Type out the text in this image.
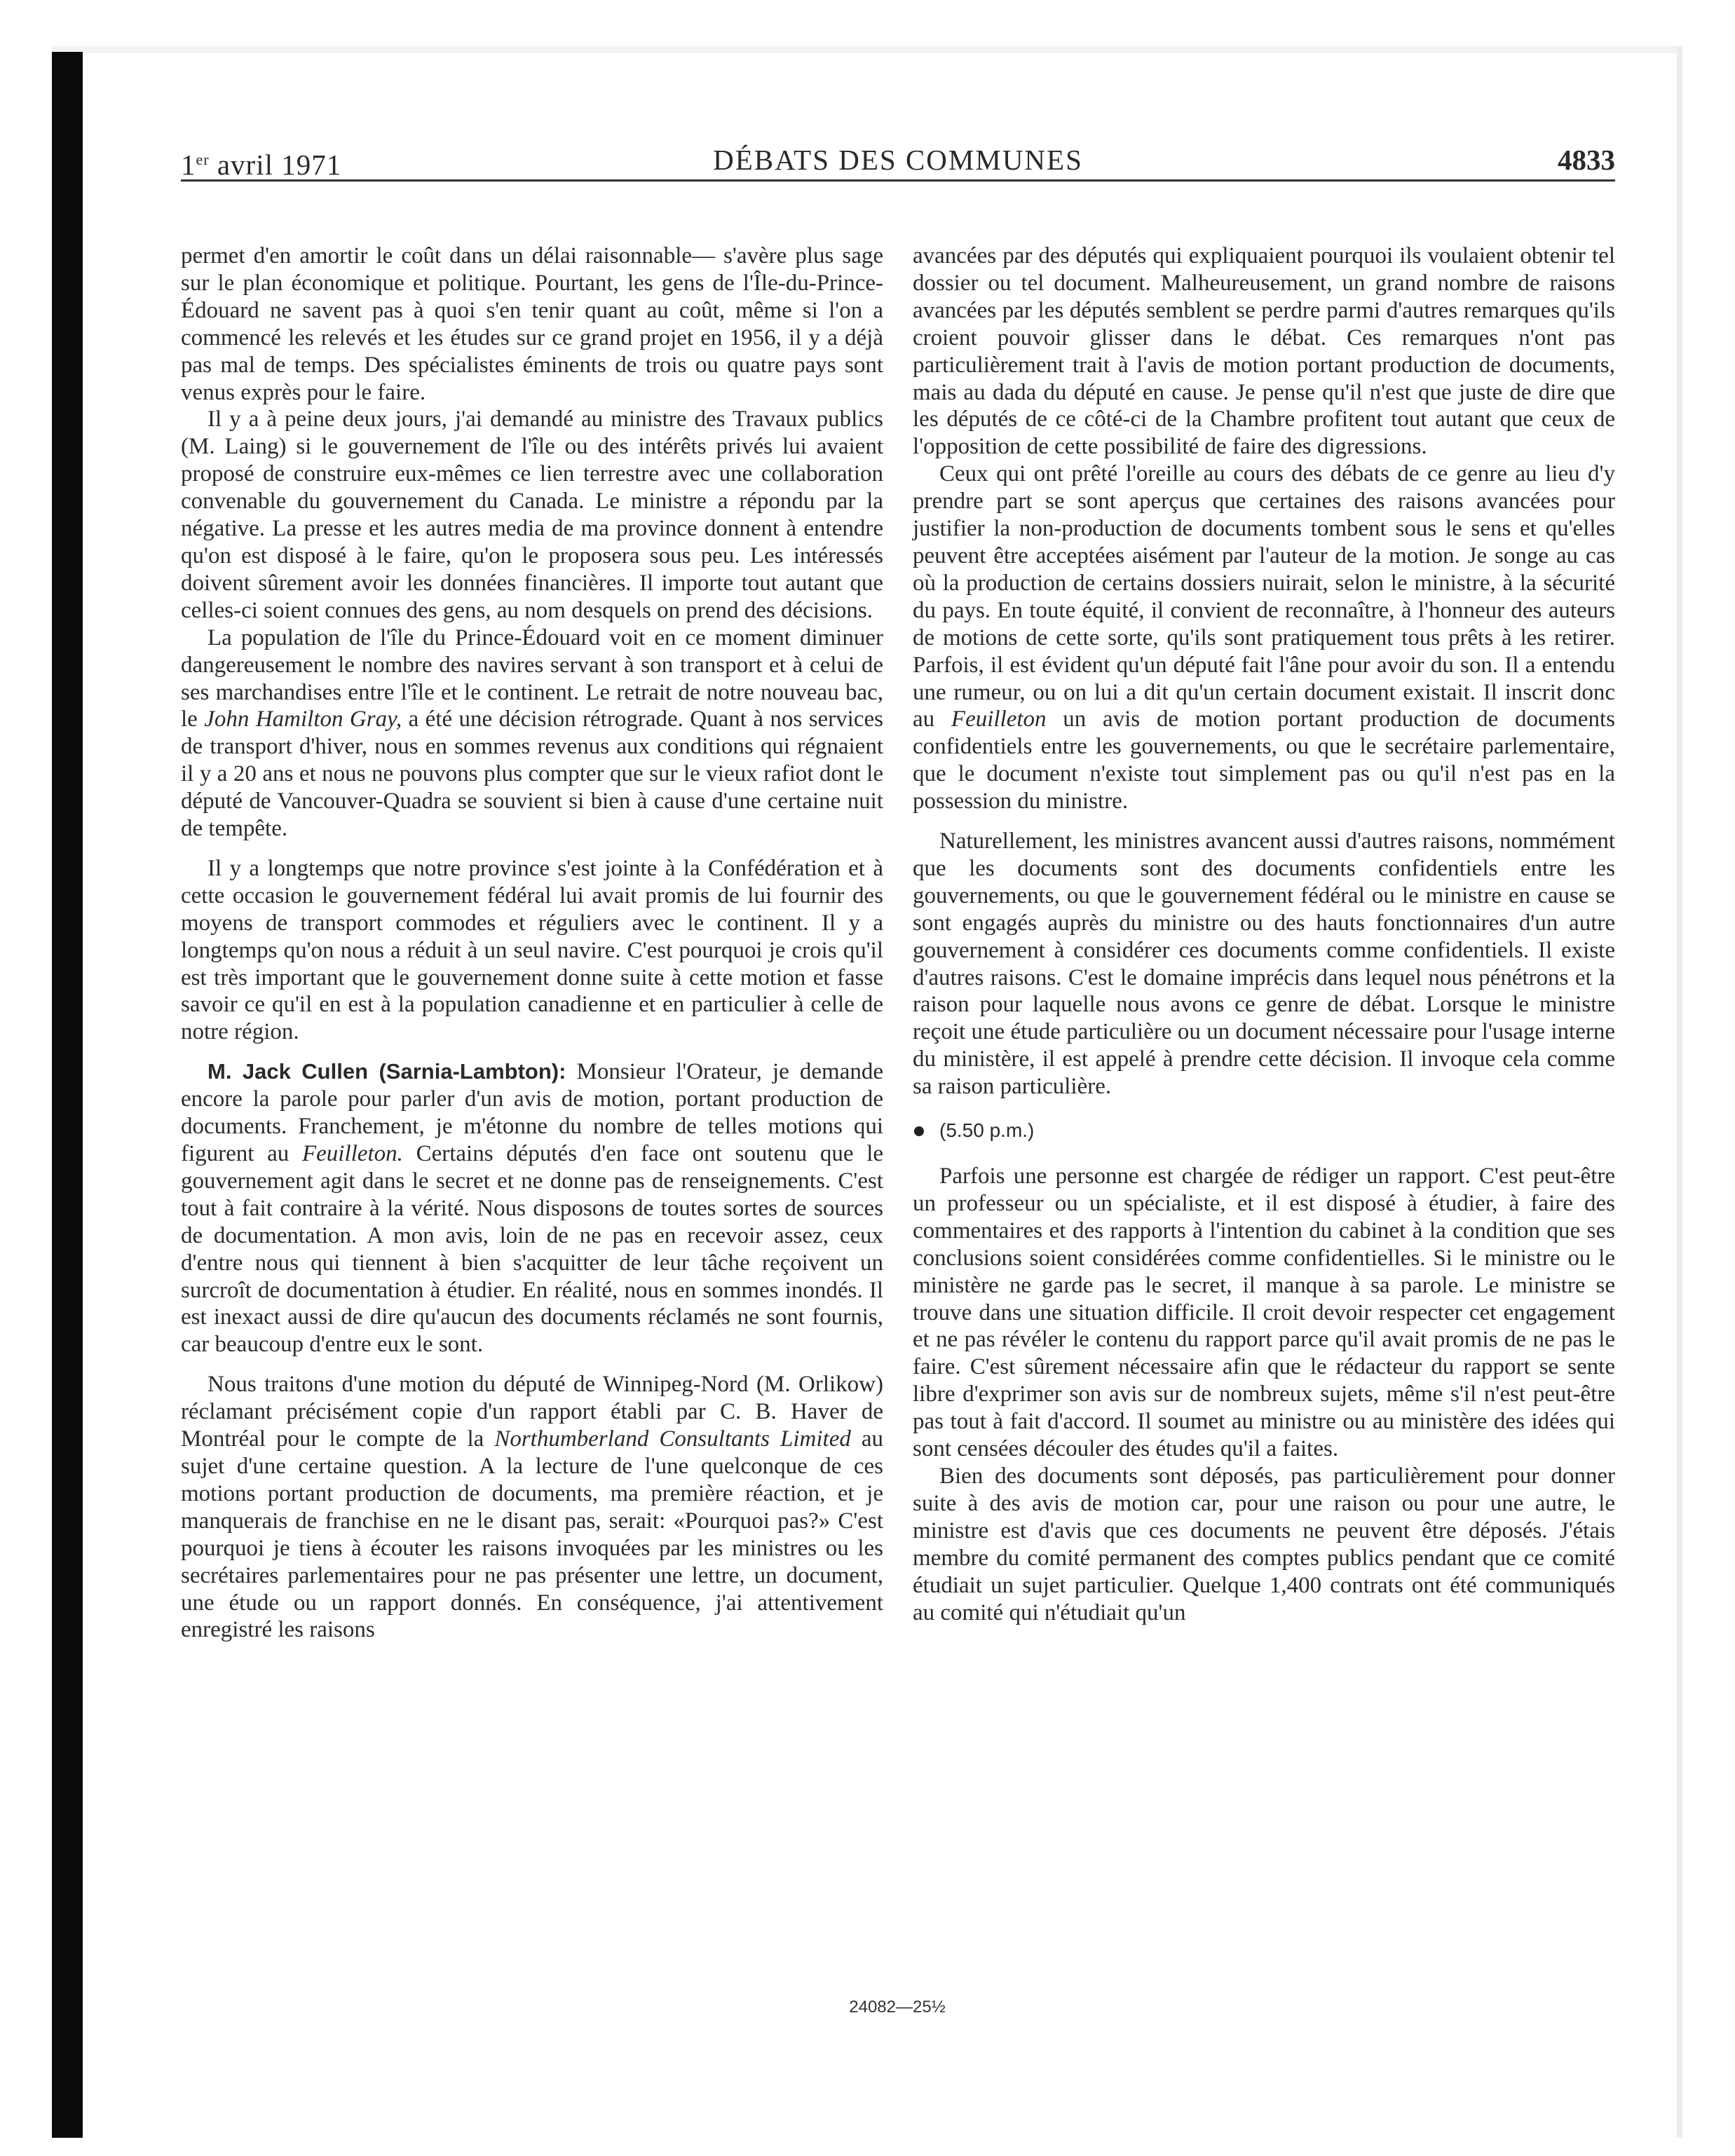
1er avril 1971	DÉBATS DES COMMUNES	4833

permet d'en amortir le coût dans un délai raisonnable— s'avère plus sage sur le plan économique et politique. Pourtant, les gens de l'Île-du-Prince-Édouard ne savent pas à quoi s'en tenir quant au coût, même si l'on a commencé les relevés et les études sur ce grand projet en 1956, il y a déjà pas mal de temps. Des spécialistes éminents de trois ou quatre pays sont venus exprès pour le faire.

Il y a à peine deux jours, j'ai demandé au ministre des Travaux publics (M. Laing) si le gouvernement de l'île ou des intérêts privés lui avaient proposé de construire eux-mêmes ce lien terrestre avec une collaboration convenable du gouvernement du Canada. Le ministre a répondu par la négative. La presse et les autres media de ma province donnent à entendre qu'on est disposé à le faire, qu'on le proposera sous peu. Les intéressés doivent sûrement avoir les données financières. Il importe tout autant que celles-ci soient connues des gens, au nom desquels on prend des décisions.

La population de l'île du Prince-Édouard voit en ce moment diminuer dangereusement le nombre des navires servant à son transport et à celui de ses marchandises entre l'île et le continent. Le retrait de notre nouveau bac, le John Hamilton Gray, a été une décision rétrograde. Quant à nos services de transport d'hiver, nous en sommes revenus aux conditions qui régnaient il y a 20 ans et nous ne pouvons plus compter que sur le vieux rafiot dont le député de Vancouver-Quadra se souvient si bien à cause d'une certaine nuit de tempête.

Il y a longtemps que notre province s'est jointe à la Confédération et à cette occasion le gouvernement fédéral lui avait promis de lui fournir des moyens de transport commodes et réguliers avec le continent. Il y a longtemps qu'on nous a réduit à un seul navire. C'est pourquoi je crois qu'il est très important que le gouvernement donne suite à cette motion et fasse savoir ce qu'il en est à la population canadienne et en particulier à celle de notre région.

M. Jack Cullen (Sarnia-Lambton): Monsieur l'Orateur, je demande encore la parole pour parler d'un avis de motion, portant production de documents. Franchement, je m'étonne du nombre de telles motions qui figurent au Feuilleton. Certains députés d'en face ont soutenu que le gouvernement agit dans le secret et ne donne pas de renseignements. C'est tout à fait contraire à la vérité. Nous disposons de toutes sortes de sources de documentation. A mon avis, loin de ne pas en recevoir assez, ceux d'entre nous qui tiennent à bien s'acquitter de leur tâche reçoivent un surcroît de documentation à étudier. En réalité, nous en sommes inondés. Il est inexact aussi de dire qu'aucun des documents réclamés ne sont fournis, car beaucoup d'entre eux le sont.

Nous traitons d'une motion du député de Winnipeg-Nord (M. Orlikow) réclamant précisément copie d'un rapport établi par C. B. Haver de Montréal pour le compte de la Northumberland Consultants Limited au sujet d'une certaine question. A la lecture de l'une quelconque de ces motions portant production de documents, ma première réaction, et je manquerais de franchise en ne le disant pas, serait: «Pourquoi pas?» C'est pourquoi je tiens à écouter les raisons invoquées par les ministres ou les secrétaires parlementaires pour ne pas présenter une lettre, un document, une étude ou un rapport donnés. En conséquence, j'ai attentivement enregistré les raisons

avancées par des députés qui expliquaient pourquoi ils voulaient obtenir tel dossier ou tel document. Malheureusement, un grand nombre de raisons avancées par les députés semblent se perdre parmi d'autres remarques qu'ils croient pouvoir glisser dans le débat. Ces remarques n'ont pas particulièrement trait à l'avis de motion portant production de documents, mais au dada du député en cause. Je pense qu'il n'est que juste de dire que les députés de ce côté-ci de la Chambre profitent tout autant que ceux de l'opposition de cette possibilité de faire des digressions.

Ceux qui ont prêté l'oreille au cours des débats de ce genre au lieu d'y prendre part se sont aperçus que certaines des raisons avancées pour justifier la non-production de documents tombent sous le sens et qu'elles peuvent être acceptées aisément par l'auteur de la motion. Je songe au cas où la production de certains dossiers nuirait, selon le ministre, à la sécurité du pays. En toute équité, il convient de reconnaître, à l'honneur des auteurs de motions de cette sorte, qu'ils sont pratiquement tous prêts à les retirer. Parfois, il est évident qu'un député fait l'âne pour avoir du son. Il a entendu une rumeur, ou on lui a dit qu'un certain document existait. Il inscrit donc au Feuilleton un avis de motion portant production de documents confidentiels entre les gouvernements, ou que le secrétaire parlementaire, que le document n'existe tout simplement pas ou qu'il n'est pas en la possession du ministre.

Naturellement, les ministres avancent aussi d'autres raisons, nommément que les documents sont des documents confidentiels entre les gouvernements, ou que le gouvernement fédéral ou le ministre en cause se sont engagés auprès du ministre ou des hauts fonctionnaires d'un autre gouvernement à considérer ces documents comme confidentiels. Il existe d'autres raisons. C'est le domaine imprécis dans lequel nous pénétrons et la raison pour laquelle nous avons ce genre de débat. Lorsque le ministre reçoit une étude particulière ou un document nécessaire pour l'usage interne du ministère, il est appelé à prendre cette décision. Il invoque cela comme sa raison particulière.

(5.50 p.m.)

Parfois une personne est chargée de rédiger un rapport. C'est peut-être un professeur ou un spécialiste, et il est disposé à étudier, à faire des commentaires et des rapports à l'intention du cabinet à la condition que ses conclusions soient considérées comme confidentielles. Si le ministre ou le ministère ne garde pas le secret, il manque à sa parole. Le ministre se trouve dans une situation difficile. Il croit devoir respecter cet engagement et ne pas révéler le contenu du rapport parce qu'il avait promis de ne pas le faire. C'est sûrement nécessaire afin que le rédacteur du rapport se sente libre d'exprimer son avis sur de nombreux sujets, même s'il n'est peut-être pas tout à fait d'accord. Il soumet au ministre ou au ministère des idées qui sont censées découler des études qu'il a faites.

Bien des documents sont déposés, pas particulièrement pour donner suite à des avis de motion car, pour une raison ou pour une autre, le ministre est d'avis que ces documents ne peuvent être déposés. J'étais membre du comité permanent des comptes publics pendant que ce comité étudiait un sujet particulier. Quelque 1,400 contrats ont été communiqués au comité qui n'étudiait qu'un

24082—25½
